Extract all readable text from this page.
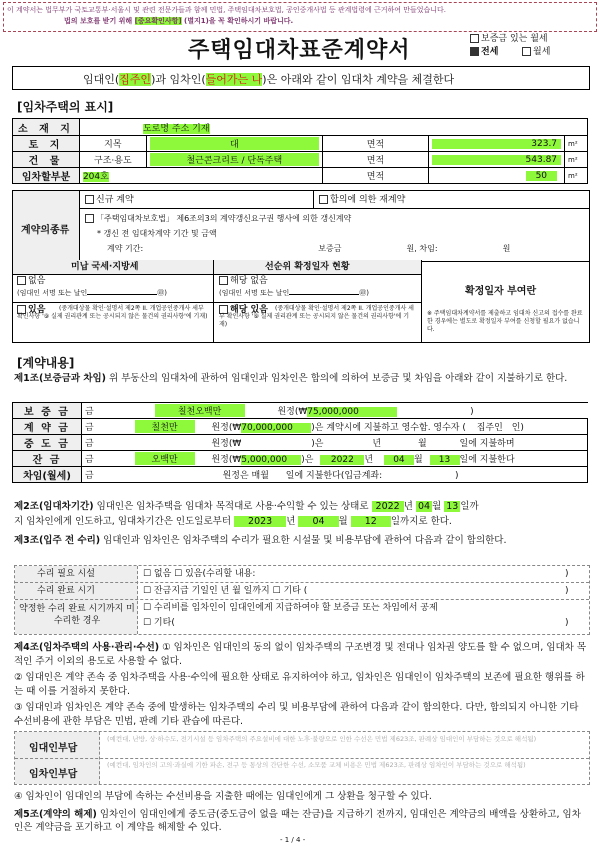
이 계약서는 법무부가 국토교통부·서울시 및 관련 전문가들과 함께 민법, 주택임대차보호법, 공인중개사법 등 관계법령에 근거하여 만들었습니다.
법의 보호를 받기 위해 [중요확인사항] (별지1)을 꼭 확인하시기 바랍니다.
주택임대차표준계약서	보증금 있는 월세
전세	월세
임대인(집주인)과 임차인(들어가는 나)은 아래와 같이 임대차 계약을 체결한다
[임차주택의 표시]
소 재 지	도로명 주소 기재				
토 지	지목	대	면적	323.7	m²
건 물	구조·용도	철근콘크리트 / 단독주택	면적	543.87	m²
임차할부분	204호		면적	50	m²
계약의종류
신규 계약	합의에 의한 재계약
「주택임대차보호법」 제6조의3의 계약갱신요구권 행사에 의한 갱신계약
* 갱신 전 임대차계약 기간 및 금액
계약 기간:	보증금	원, 차임:	원
미납 국세·지방세	선순위 확정일자 현황
확정일자 부여란
없음
(임대인 서명 또는 날인	㊞)
해당 없음
(임대인 서명 또는 날인	㊞)
있음	(중개대상물 확인·설명서 제2쪽 II. 개업공인중개사 세부 확인사항 '⑨ 실제 권리관계 또는 공시되지 않은 물건의 권리사항'에 기재)
해당 있음	(중개대상물 확인·설명서 제2쪽 II. 개업공인중개사 세부 확인사항 '⑨ 실제 권리관계 또는 공시되지 않은 물건의 권리사항'에 기재)
※ 주택임대차계약서를 제출하고 임대차 신고의 접수를 완료한 경우에는 별도로 확정일자 부여를 신청할 필요가 없습니다.
[계약내용]
제1조(보증금과 차임) 위 부동산의 임대차에 관하여 임대인과 임차인은 합의에 의하여 보증금 및 차임을 아래와 같이 지불하기로 한다.
보 증 금	금 칠천오백만 원정(₩75,000,000 )
계 약 금	금 칠천만 원정(₩70,000,000 )은 계약시에 지불하고 영수함. 영수자 ( 집주인 인)
중 도 금	금 원정(₩ )은 년 월 일에 지불하며
잔 금	금 오백만 원정(₩5,000,000 )은 2022 년 04 월 13 일에 지불한다
차임(월세)	금 원정은 매월 일에 지불한다(입금계좌: )
제2조(임대차기간) 임대인은 임차주택을 임대차 목적대로 사용·수익할 수 있는 상태로 2022 년 04 월 13 일까
지 임차인에게 인도하고, 임대차기간은 인도일로부터 2023 년 04 월 12 일까지로 한다.
제3조(입주 전 수리) 임대인과 임차인은 임차주택의 수리가 필요한 시설물 및 비용부담에 관하여 다음과 같이 합의한다.
수리 필요 시설	☐ 없음 ☐ 있음(수리할 내용:	)
수리 완료 시기	☐ 잔금지급 기일인 년 월 일까지 ☐ 기타 (	)
약정한 수리 완료 시기까지 미 수리한 경우
☐ 수리비를 임차인이 임대인에게 지급하여야 할 보증금 또는 차임에서 공제
☐ 기타(	)
제4조(임차주택의 사용·관리·수선) ① 임차인은 임대인의 동의 없이 임차주택의 구조변경 및 전대나 임차권 양도를 할 수 없으며, 임대차 목적인 주거 이외의 용도로 사용할 수 없다.
② 임대인은 계약 존속 중 임차주택을 사용·수익에 필요한 상태로 유지하여야 하고, 임차인은 임대인이 임차주택의 보존에 필요한 행위를 하는 때 이를 거절하지 못한다.
③ 임대인과 임차인은 계약 존속 중에 발생하는 임차주택의 수리 및 비용부담에 관하여 다음과 같이 합의한다. 다만, 합의되지 아니한 기타 수선비용에 관한 부담은 민법, 판례 기타 관습에 따른다.
임대인부담
(예컨대, 난방, 상·하수도, 전기시설 등 임차주택의 주요설비에 대한 노후·불량으로 인한 수선은 민법 제623조, 판례상 임대인이 부담하는 것으로 해석됨)
임차인부담
(예컨대, 임차인의 고의·과실에 기한 파손, 전구 등 통상의 간단한 수선, 소모품 교체 비용은 민법 제623조, 판례상 임차인이 부담하는 것으로 해석됨)
④ 임차인이 임대인의 부담에 속하는 수선비용을 지출한 때에는 임대인에게 그 상환을 청구할 수 있다.
제5조(계약의 해제) 임차인이 임대인에게 중도금(중도금이 없을 때는 잔금)을 지급하기 전까지, 임대인은 계약금의 배액을 상환하고, 임차인은 계약금을 포기하고 이 계약을 해제할 수 있다.
- 1 / 4 -
